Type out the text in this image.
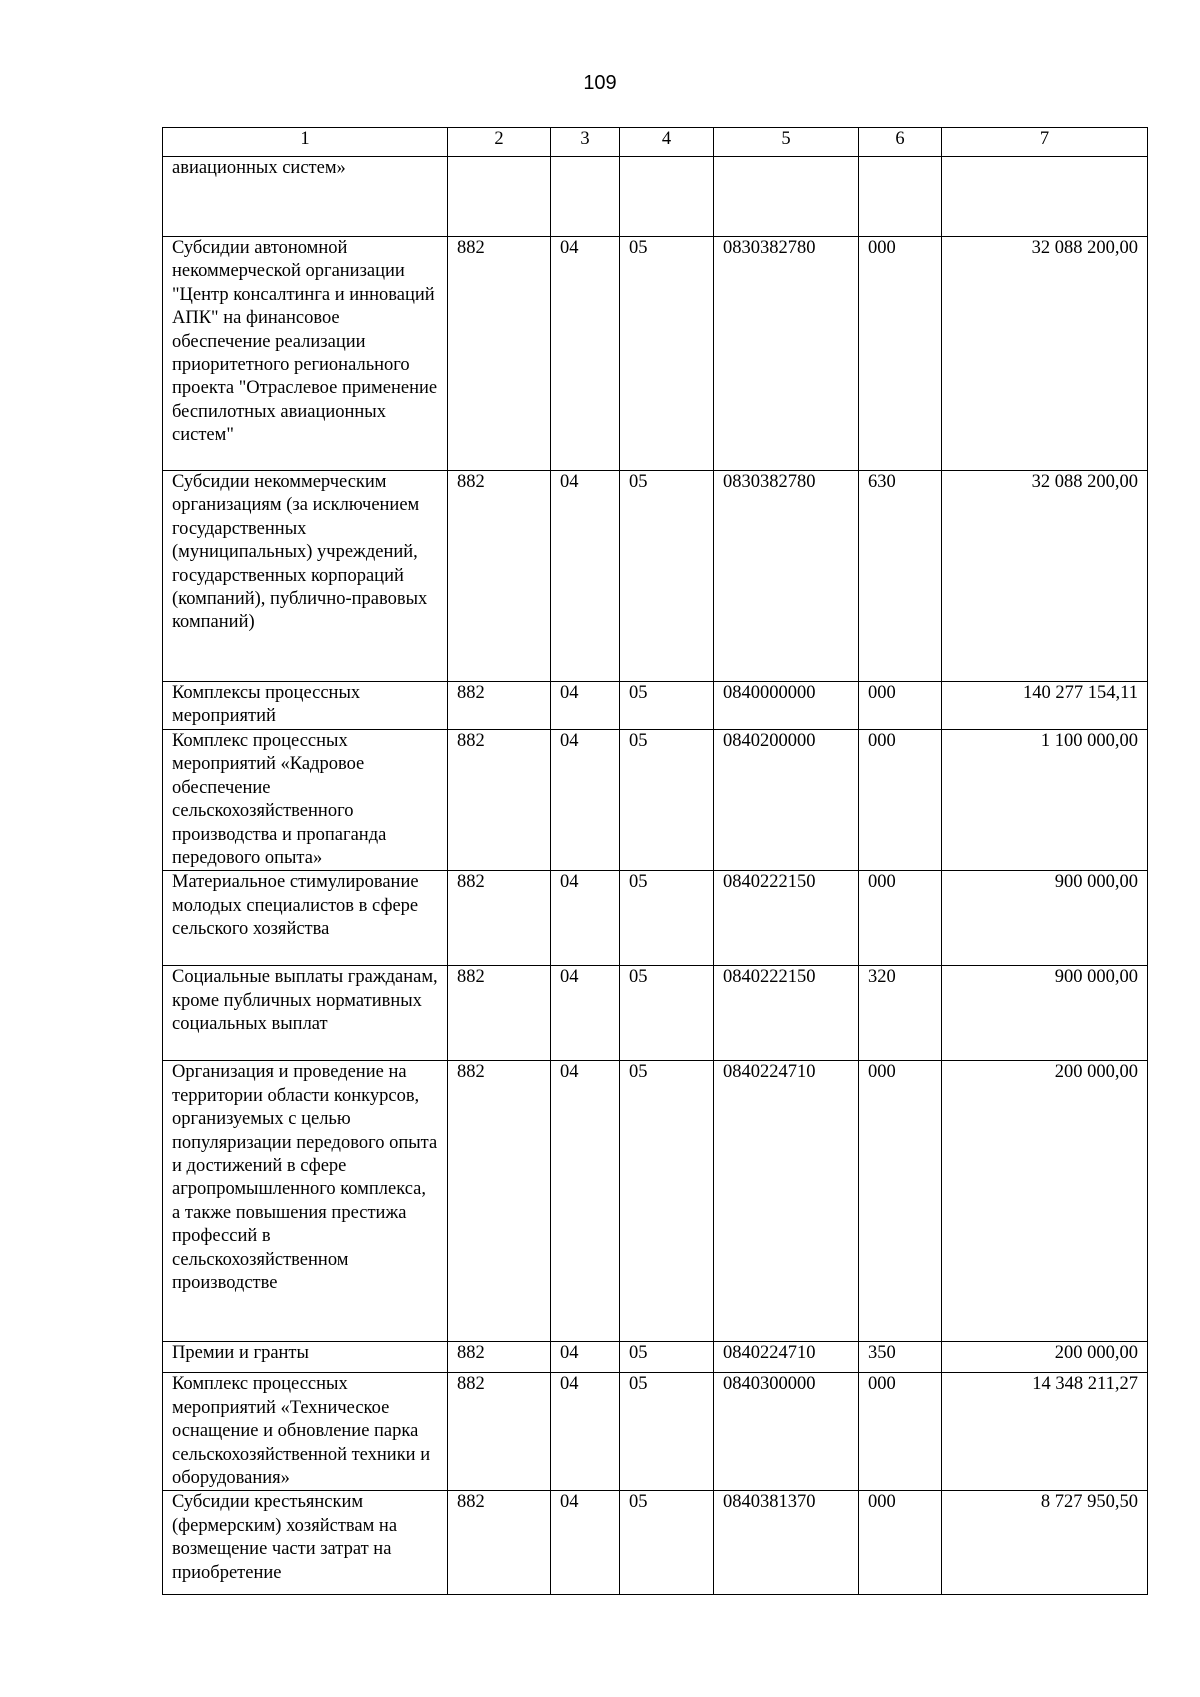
109
1	2	3	4	5	6	7
авиационных систем»						
Субсидии автономной некоммерческой организации "Центр консалтинга и инноваций АПК" на финансовое обеспечение реализации приоритетного регионального проекта "Отраслевое применение беспилотных авиационных систем"	882	04	05	0830382780	000	32 088 200,00
Субсидии некоммерческим организациям (за исключением государственных (муниципальных) учреждений, государственных корпораций (компаний), публично-правовых компаний)	882	04	05	0830382780	630	32 088 200,00
Комплексы процессных мероприятий	882	04	05	0840000000	000	140 277 154,11
Комплекс процессных мероприятий «Кадровое обеспечение сельскохозяйственного производства и пропаганда передового опыта»	882	04	05	0840200000	000	1 100 000,00
Материальное стимулирование молодых специалистов в сфере сельского хозяйства	882	04	05	0840222150	000	900 000,00
Социальные выплаты гражданам, кроме публичных нормативных социальных выплат	882	04	05	0840222150	320	900 000,00
Организация и проведение на территории области конкурсов, организуемых с целью популяризации передового опыта и достижений в сфере агропромышленного комплекса, а также повышения престижа профессий в сельскохозяйственном производстве	882	04	05	0840224710	000	200 000,00
Премии и гранты	882	04	05	0840224710	350	200 000,00
Комплекс процессных мероприятий «Техническое оснащение и обновление парка сельскохозяйственной техники и оборудования»	882	04	05	0840300000	000	14 348 211,27
Субсидии крестьянским (фермерским) хозяйствам на возмещение части затрат на приобретение	882	04	05	0840381370	000	8 727 950,50
